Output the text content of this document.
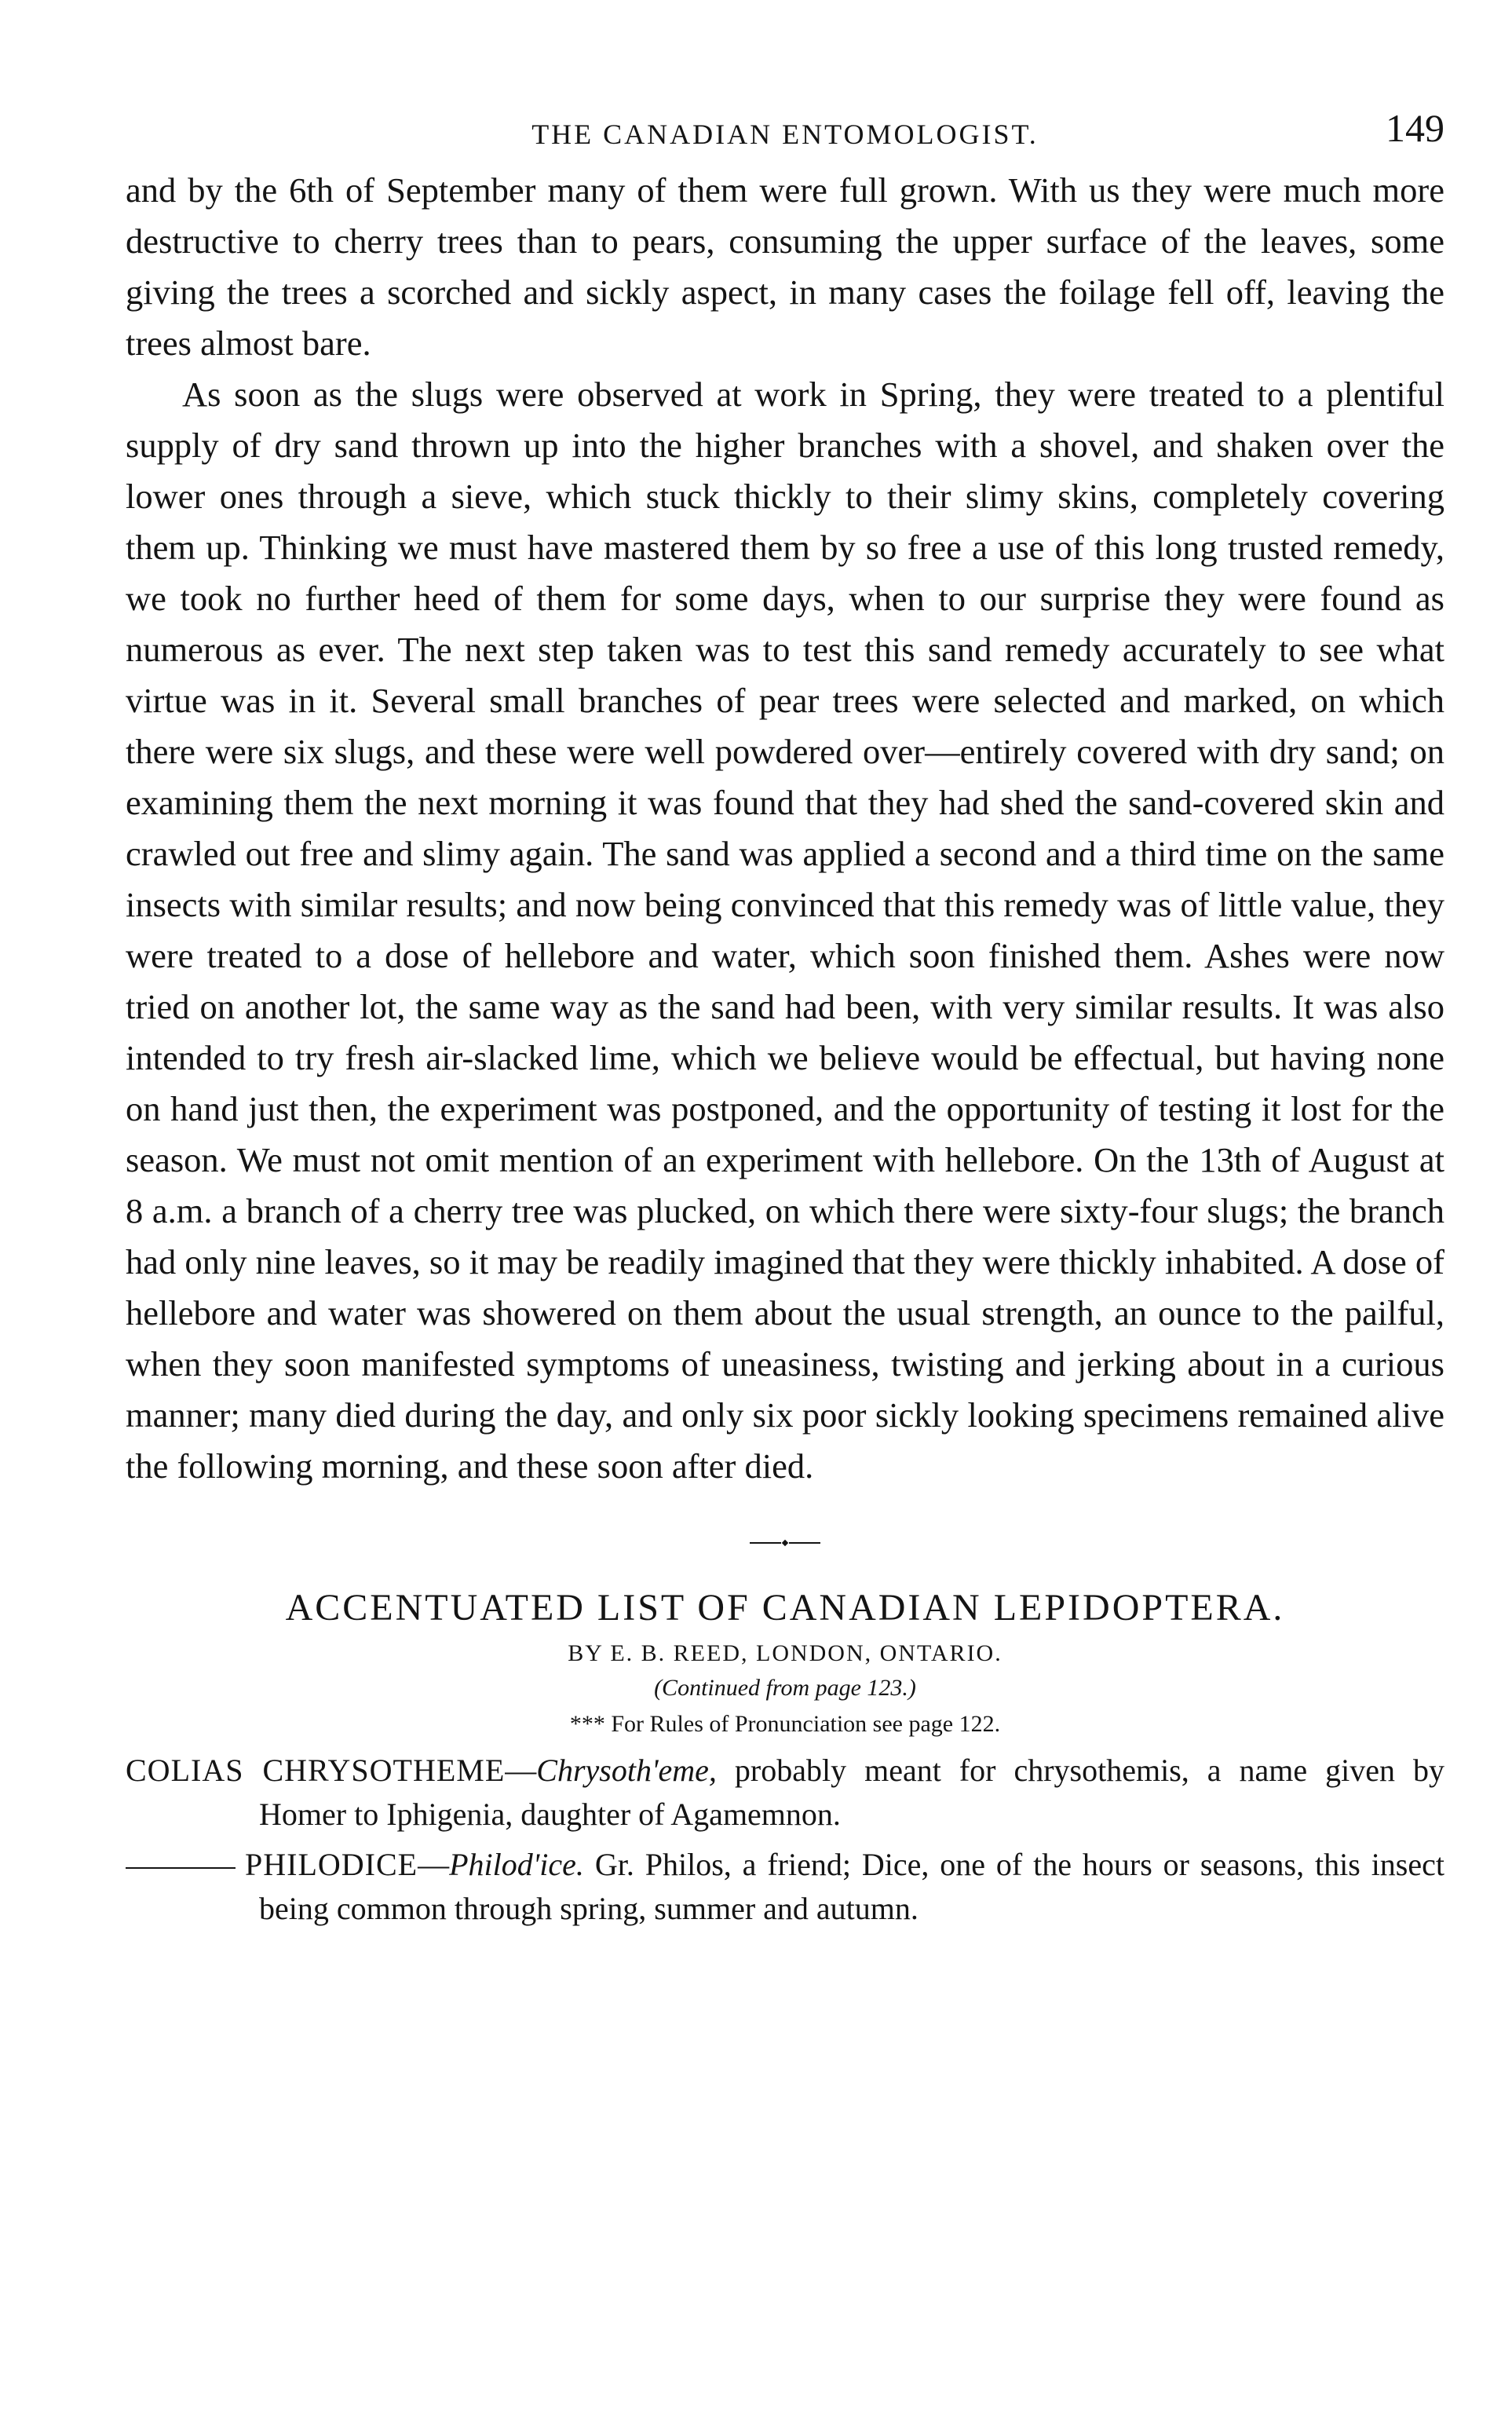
THE CANADIAN ENTOMOLOGIST.	149

and by the 6th of September many of them were full grown. With us they were much more destructive to cherry trees than to pears, consuming the upper surface of the leaves, some giving the trees a scorched and sickly aspect, in many cases the foilage fell off, leaving the trees almost bare.

As soon as the slugs were observed at work in Spring, they were treated to a plentiful supply of dry sand thrown up into the higher branches with a shovel, and shaken over the lower ones through a sieve, which stuck thickly to their slimy skins, completely covering them up. Thinking we must have mastered them by so free a use of this long trusted remedy, we took no further heed of them for some days, when to our surprise they were found as numerous as ever. The next step taken was to test this sand remedy accurately to see what virtue was in it. Several small branches of pear trees were selected and marked, on which there were six slugs, and these were well powdered over—entirely covered with dry sand; on examining them the next morning it was found that they had shed the sand-covered skin and crawled out free and slimy again. The sand was applied a second and a third time on the same insects with similar results; and now being convinced that this remedy was of little value, they were treated to a dose of hellebore and water, which soon finished them. Ashes were now tried on another lot, the same way as the sand had been, with very similar results. It was also intended to try fresh air-slacked lime, which we believe would be effectual, but having none on hand just then, the experiment was postponed, and the opportunity of testing it lost for the season. We must not omit mention of an experiment with hellebore. On the 13th of August at 8 a.m. a branch of a cherry tree was plucked, on which there were sixty-four slugs; the branch had only nine leaves, so it may be readily imagined that they were thickly inhabited. A dose of hellebore and water was showered on them about the usual strength, an ounce to the pailful, when they soon manifested symptoms of uneasiness, twisting and jerking about in a curious manner; many died during the day, and only six poor sickly looking specimens remained alive the following morning, and these soon after died.

ACCENTUATED LIST OF CANADIAN LEPIDOPTERA.
BY E. B. REED, LONDON, ONTARIO.
(Continued from page 123.)
*** For Rules of Pronunciation see page 122.

COLIAS CHRYSOTHEME—Chrysoth'eme, probably meant for chrysothemis, a name given by Homer to Iphigenia, daughter of Agamemnon.

PHILODICE—Philod'ice. Gr. Philos, a friend; Dice, one of the hours or seasons, this insect being common through spring, summer and autumn.
